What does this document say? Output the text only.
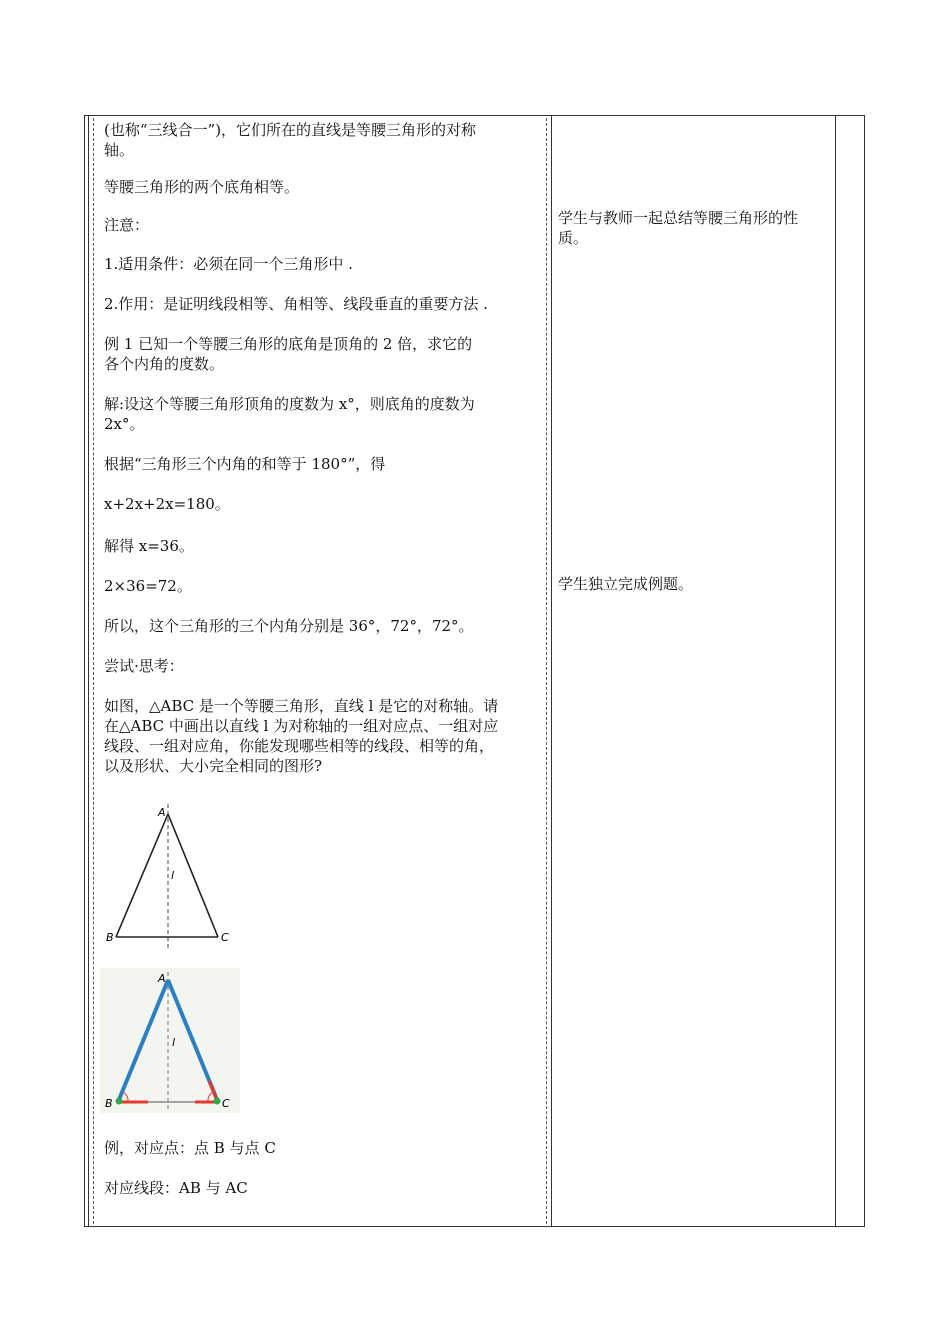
(也称“三线合一”)，它们所在的直线是等腰三角形的对称
轴。
等腰三角形的两个底角相等。
注意：
1.适用条件：必须在同一个三角形中 .
2.作用：是证明线段相等、角相等、线段垂直的重要方法 .
例 1 已知一个等腰三角形的底角是顶角的 2 倍，求它的
各个内角的度数。
解:设这个等腰三角形顶角的度数为 x°，则底角的度数为
2x°。
根据“三角形三个内角的和等于 180°”，得
x+2x+2x=180。
解得 x=36。
2×36=72。
所以，这个三角形的三个内角分别是 36°，72°，72°。
尝试·思考：
如图，△ABC 是一个等腰三角形，直线 l 是它的对称轴。请
在△ABC 中画出以直线 l 为对称轴的一组对应点、一组对应
线段、一组对应角，你能发现哪些相等的线段、相等的角，
以及形状、大小完全相同的图形?
A
B	C
l
A
B	C
l
例，对应点：点 B 与点 C
对应线段：AB 与 AC
学生与教师一起总结等腰三角形的性
质。
学生独立完成例题。
